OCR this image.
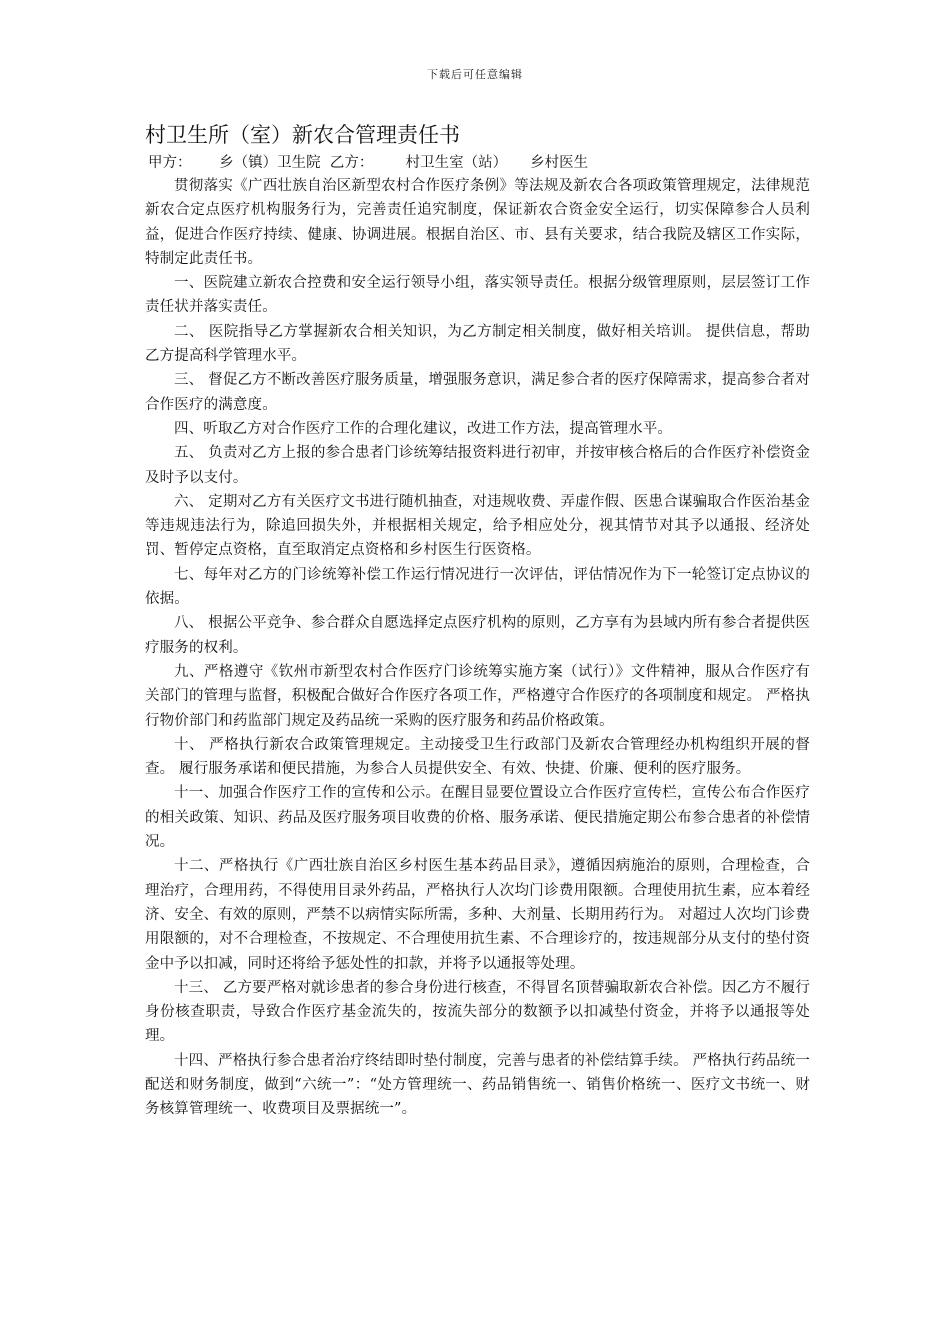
下载后可任意编辑
村卫生所（室）新农合管理责任书
甲方：      乡（镇）卫生院  乙方：       村卫生室（站）     乡村医生

贯彻落实《广西壮族自治区新型农村合作医疗条例》等法规及新农合各项政策管理规定，法律规范新农合定点医疗机构服务行为，完善责任追究制度，保证新农合资金安全运行，切实保障参合人员利益，促进合作医疗持续、健康、协调进展。根据自治区、市、县有关要求，结合我院及辖区工作实际，特制定此责任书。

一、医院建立新农合控费和安全运行领导小组，落实领导责任。根据分级管理原则，层层签订工作责任状并落实责任。

二、 医院指导乙方掌握新农合相关知识，为乙方制定相关制度，做好相关培训。 提供信息，帮助乙方提高科学管理水平。

三、 督促乙方不断改善医疗服务质量，增强服务意识，满足参合者的医疗保障需求，提高参合者对合作医疗的满意度。

四、听取乙方对合作医疗工作的合理化建议，改进工作方法，提高管理水平。

五、 负责对乙方上报的参合患者门诊统筹结报资料进行初审，并按审核合格后的合作医疗补偿资金及时予以支付。

六、 定期对乙方有关医疗文书进行随机抽查，对违规收费、弄虚作假、医患合谋骗取合作医治基金等违规违法行为，除追回损失外，并根据相关规定，给予相应处分，视其情节对其予以通报、经济处罚、暂停定点资格，直至取消定点资格和乡村医生行医资格。

七、每年对乙方的门诊统筹补偿工作运行情况进行一次评估，评估情况作为下一轮签订定点协议的依据。

八、 根据公平竞争、参合群众自愿选择定点医疗机构的原则，乙方享有为县域内所有参合者提供医疗服务的权利。

九、严格遵守《钦州市新型农村合作医疗门诊统筹实施方案（试行）》文件精神，服从合作医疗有关部门的管理与监督，积极配合做好合作医疗各项工作，严格遵守合作医疗的各项制度和规定。 严格执行物价部门和药监部门规定及药品统一采购的医疗服务和药品价格政策。

十、 严格执行新农合政策管理规定。主动接受卫生行政部门及新农合管理经办机构组织开展的督查。 履行服务承诺和便民措施，为参合人员提供安全、有效、快捷、价廉、便利的医疗服务。

十一、加强合作医疗工作的宣传和公示。在醒目显要位置设立合作医疗宣传栏，宣传公布合作医疗的相关政策、知识、药品及医疗服务项目收费的价格、服务承诺、便民措施定期公布参合患者的补偿情况。

十二、严格执行《广西壮族自治区乡村医生基本药品目录》，遵循因病施治的原则，合理检查，合理治疗，合理用药，不得使用目录外药品，严格执行人次均门诊费用限额。合理使用抗生素，应本着经济、安全、有效的原则，严禁不以病情实际所需，多种、大剂量、长期用药行为。 对超过人次均门诊费用限额的，对不合理检查，不按规定、不合理使用抗生素、不合理诊疗的，按违规部分从支付的垫付资金中予以扣减，同时还将给予惩处性的扣款，并将予以通报等处理。

十三、 乙方要严格对就诊患者的参合身份进行核查，不得冒名顶替骗取新农合补偿。因乙方不履行身份核查职责，导致合作医疗基金流失的，按流失部分的数额予以扣减垫付资金，并将予以通报等处理。

十四、严格执行参合患者治疗终结即时垫付制度，完善与患者的补偿结算手续。 严格执行药品统一配送和财务制度，做到“六统一”：“处方管理统一、药品销售统一、销售价格统一、医疗文书统一、财务核算管理统一、收费项目及票据统一”。
